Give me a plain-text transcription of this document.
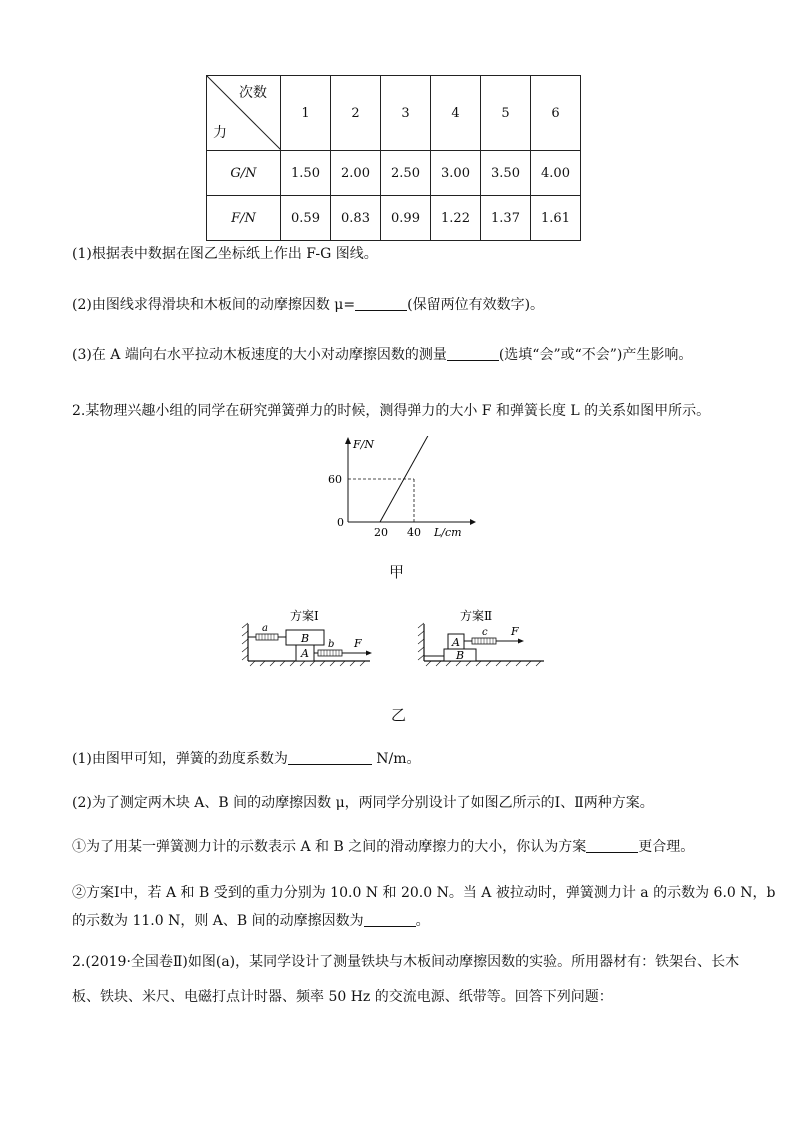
次数
力	1	2	3	4	5	6
G/N	1.50	2.00	2.50	3.00	3.50	4.00
F/N	0.59	0.83	0.99	1.22	1.37	1.61
(1)根据表中数据在图乙坐标纸上作出 F-G 图线。
(2)由图线求得滑块和木板间的动摩擦因数 μ=	(保留两位有效数字)。
(3)在 A 端向右水平拉动木板速度的大小对动摩擦因数的测量	(选填“会”或“不会”)产生影响。
2.某物理兴趣小组的同学在研究弹簧弹力的时候，测得弹力的大小 F 和弹簧长度 L 的关系如图甲所示。
F/N
60
0
20 40 L/cm
甲
方案Ⅰ
B
A
a
b F
方案Ⅱ
B
A
c F
乙
(1)由图甲可知，弹簧的劲度系数为	N/m。
(2)为了测定两木块 A、B 间的动摩擦因数 μ，两同学分别设计了如图乙所示的Ⅰ、Ⅱ两种方案。
①为了用某一弹簧测力计的示数表示 A 和 B 之间的滑动摩擦力的大小，你认为方案	更合理。
②方案Ⅰ中，若 A 和 B 受到的重力分别为 10.0 N 和 20.0 N。当 A 被拉动时，弹簧测力计 a 的示数为 6.0 N，b
的示数为 11.0 N，则 A、B 间的动摩擦因数为	。
2.(2019·全国卷Ⅱ)如图(a)，某同学设计了测量铁块与木板间动摩擦因数的实验。所用器材有：铁架台、长木
板、铁块、米尺、电磁打点计时器、频率 50 Hz 的交流电源、纸带等。回答下列问题：
